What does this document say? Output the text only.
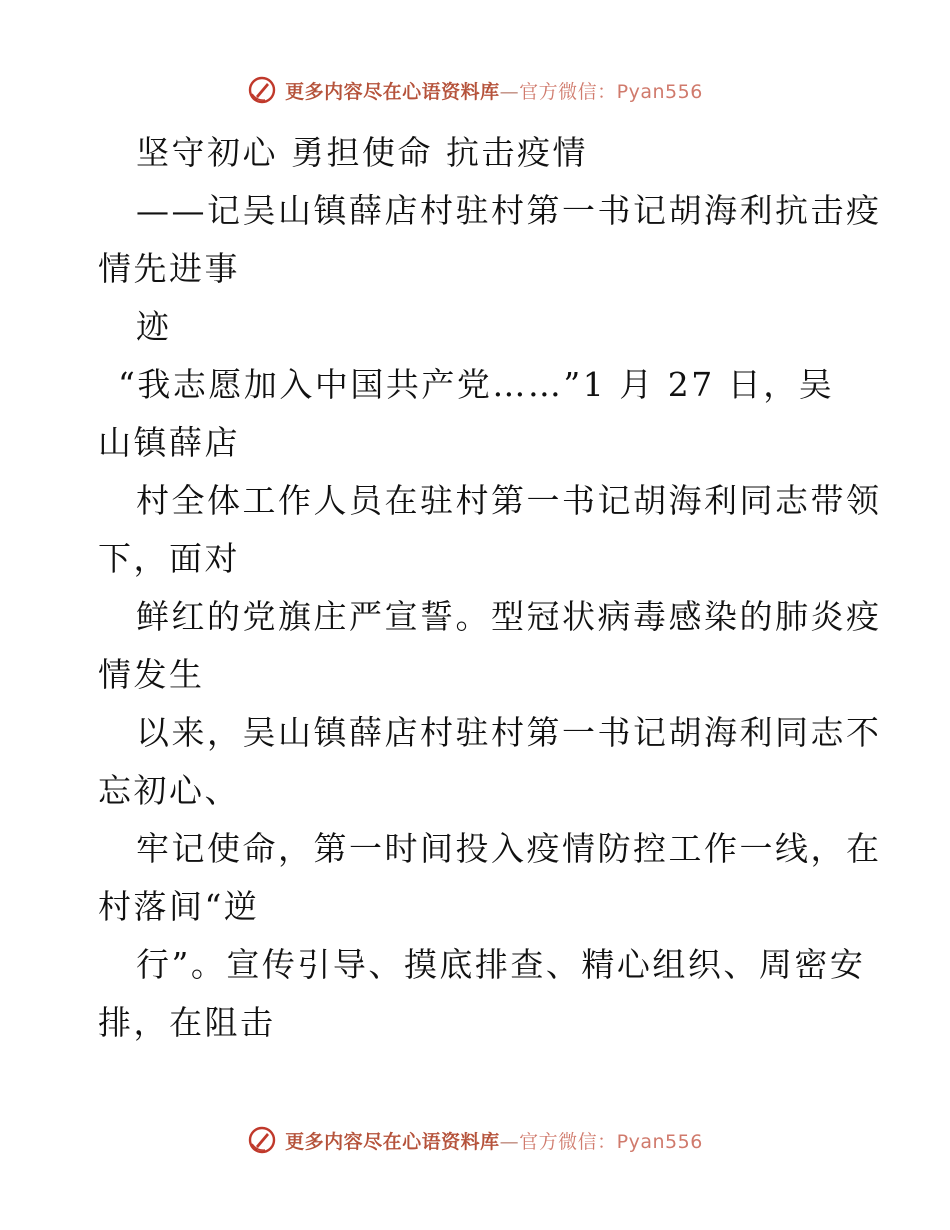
更多内容尽在心语资料库 — 官方微信：Pyan556

坚守初心 勇担使命 抗击疫情

——记吴山镇薛店村驻村第一书记胡海利抗击疫

情先进事

迹

“我志愿加入中国共产党……”1 月 27 日，吴

山镇薛店

村全体工作人员在驻村第一书记胡海利同志带领

下，面对

鲜红的党旗庄严宣誓。型冠状病毒感染的肺炎疫

情发生

以来，吴山镇薛店村驻村第一书记胡海利同志不

忘初心、

牢记使命，第一时间投入疫情防控工作一线，在

村落间“逆

行”。宣传引导、摸底排查、精心组织、周密安

排，在阻击

更多内容尽在心语资料库 — 官方微信：Pyan556
